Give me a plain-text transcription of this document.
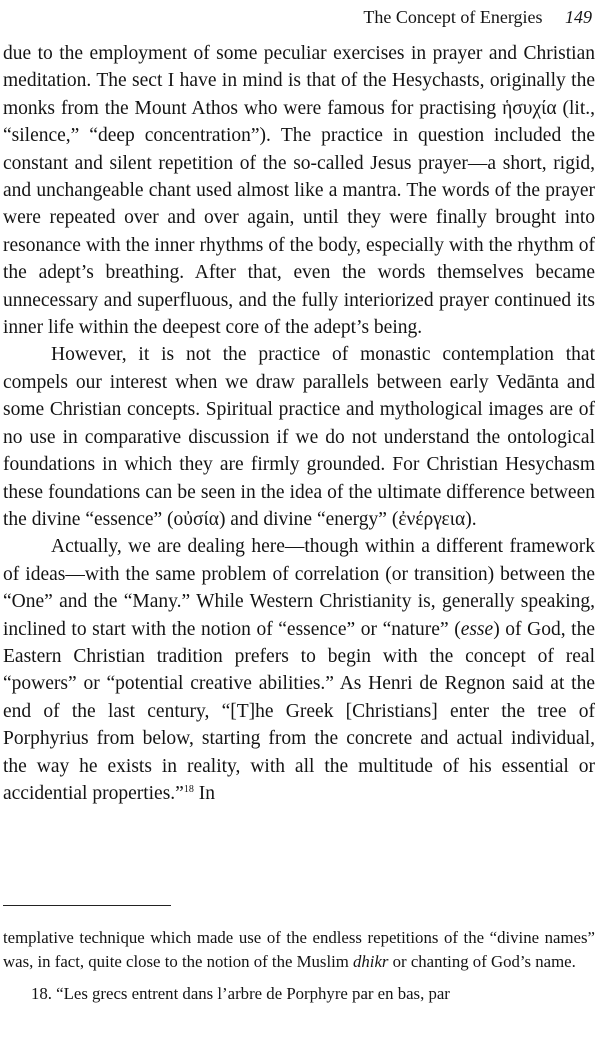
The Concept of Energies 149

due to the employment of some peculiar exercises in prayer and Christian meditation. The sect I have in mind is that of the Hesychasts, originally the monks from the Mount Athos who were famous for practising ἡσυχία (lit., “silence,” “deep concentration”). The practice in question included the constant and silent repetition of the so-called Jesus prayer—a short, rigid, and unchangeable chant used almost like a mantra. The words of the prayer were repeated over and over again, until they were finally brought into resonance with the inner rhythms of the body, especially with the rhythm of the adept’s breathing. After that, even the words themselves became unnecessary and superfluous, and the fully interiorized prayer continued its inner life within the deepest core of the adept’s being.

However, it is not the practice of monastic contemplation that compels our interest when we draw parallels between early Vedānta and some Christian concepts. Spiritual practice and mythological images are of no use in comparative discussion if we do not understand the ontological foundations in which they are firmly grounded. For Christian Hesychasm these foundations can be seen in the idea of the ultimate difference between the divine “essence” (οὐσία) and divine “energy” (ἐνέργεια).

Actually, we are dealing here—though within a different framework of ideas—with the same problem of correlation (or transition) between the “One” and the “Many.” While Western Christianity is, generally speaking, inclined to start with the notion of “essence” or “nature” (esse) of God, the Eastern Christian tradition prefers to begin with the concept of real “powers” or “potential creative abilities.” As Henri de Regnon said at the end of the last century, “[T]he Greek [Christians] enter the tree of Porphyrius from below, starting from the concrete and actual individual, the way he exists in reality, with all the multitude of his essential or accidential properties.”$^{18}$ In

templative technique which made use of the endless repetitions of the “divine names” was, in fact, quite close to the notion of the Muslim dhikr or chanting of God’s name.

18. “Les grecs entrent dans l’arbre de Porphyre par en bas, par
